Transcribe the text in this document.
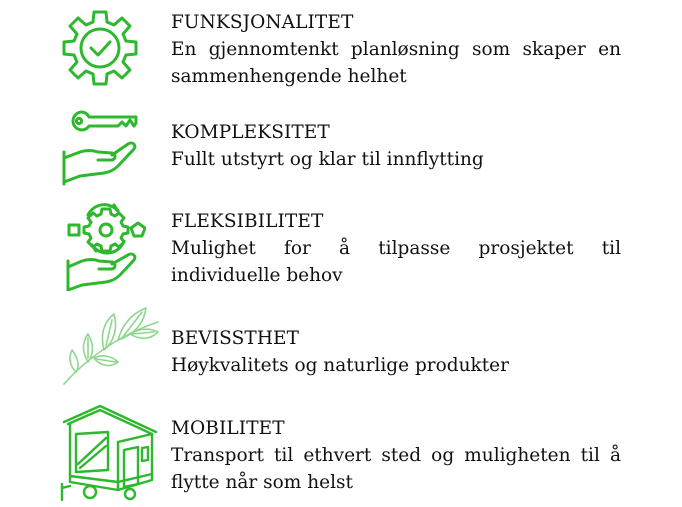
FUNKSJONALITET
En gjennomtenkt planløsning som skaper en sammenhengende helhet
KOMPLEKSITET
Fullt utstyrt og klar til innflytting
FLEKSIBILITET
Mulighet for å tilpasse prosjektet til individuelle behov
BEVISSTHET
Høykvalitets og naturlige produkter
MOBILITET
Transport til ethvert sted og muligheten til å flytte når som helst
